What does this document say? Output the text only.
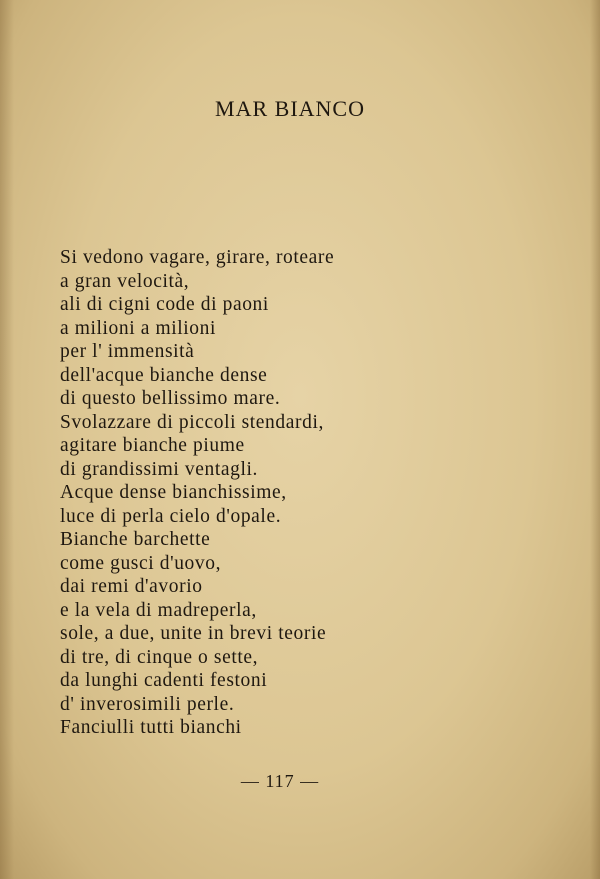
MAR BIANCO
Si vedono vagare, girare, roteare
a gran velocità,
ali di cigni code di paoni
a milioni a milioni
per l' immensità
dell'acque bianche dense
di questo bellissimo mare.
Svolazzare di piccoli stendardi,
agitare bianche piume
di grandissimi ventagli.
Acque dense bianchissime,
luce di perla cielo d'opale.
Bianche barchette
come gusci d'uovo,
dai remi d'avorio
e la vela di madreperla,
sole, a due, unite in brevi teorie
di tre, di cinque o sette,
da lunghi cadenti festoni
d' inverosimili perle.
Fanciulli tutti bianchi
— 117 —
